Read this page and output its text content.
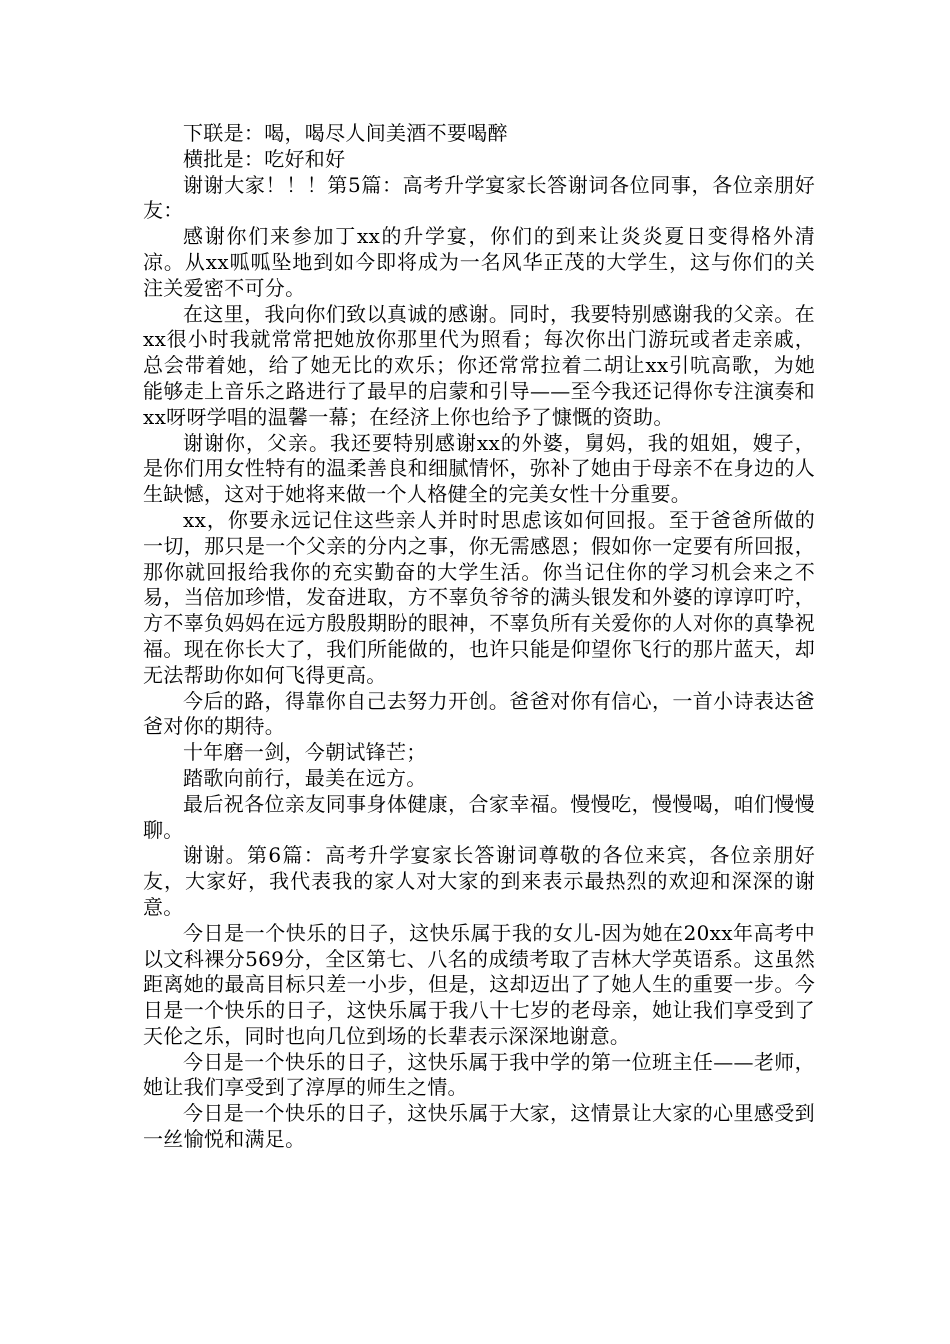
下联是：喝，喝尽人间美酒不要喝醉

横批是：吃好和好

谢谢大家！！！第5篇：高考升学宴家长答谢词各位同事，各位亲朋好友：

感谢你们来参加丁xx的升学宴，你们的到来让炎炎夏日变得格外清凉。从xx呱呱坠地到如今即将成为一名风华正茂的大学生，这与你们的关注关爱密不可分。

在这里，我向你们致以真诚的感谢。同时，我要特别感谢我的父亲。在xx很小时我就常常把她放你那里代为照看；每次你出门游玩或者走亲戚，总会带着她，给了她无比的欢乐；你还常常拉着二胡让xx引吭高歌，为她能够走上音乐之路进行了最早的启蒙和引导——至今我还记得你专注演奏和xx呀呀学唱的温馨一幕；在经济上你也给予了慷慨的资助。

谢谢你，父亲。我还要特别感谢xx的外婆，舅妈，我的姐姐，嫂子，是你们用女性特有的温柔善良和细腻情怀，弥补了她由于母亲不在身边的人生缺憾，这对于她将来做一个人格健全的完美女性十分重要。

xx，你要永远记住这些亲人并时时思虑该如何回报。至于爸爸所做的一切，那只是一个父亲的分内之事，你无需感恩；假如你一定要有所回报，那你就回报给我你的充实勤奋的大学生活。你当记住你的学习机会来之不易，当倍加珍惜，发奋进取，方不辜负爷爷的满头银发和外婆的谆谆叮咛，方不辜负妈妈在远方殷殷期盼的眼神，不辜负所有关爱你的人对你的真挚祝福。现在你长大了，我们所能做的，也许只能是仰望你飞行的那片蓝天，却无法帮助你如何飞得更高。

今后的路，得靠你自己去努力开创。爸爸对你有信心，一首小诗表达爸爸对你的期待。

十年磨一剑，今朝试锋芒；

踏歌向前行，最美在远方。

最后祝各位亲友同事身体健康，合家幸福。慢慢吃，慢慢喝，咱们慢慢聊。

谢谢。第6篇：高考升学宴家长答谢词尊敬的各位来宾，各位亲朋好友，大家好，我代表我的家人对大家的到来表示最热烈的欢迎和深深的谢意。

今日是一个快乐的日子，这快乐属于我的女儿-因为她在20xx年高考中以文科裸分569分，全区第七、八名的成绩考取了吉林大学英语系。这虽然距离她的最高目标只差一小步，但是，这却迈出了了她人生的重要一步。今日是一个快乐的日子，这快乐属于我八十七岁的老母亲，她让我们享受到了天伦之乐，同时也向几位到场的长辈表示深深地谢意。

今日是一个快乐的日子，这快乐属于我中学的第一位班主任——老师，她让我们享受到了淳厚的师生之情。

今日是一个快乐的日子，这快乐属于大家，这情景让大家的心里感受到一丝愉悦和满足。
